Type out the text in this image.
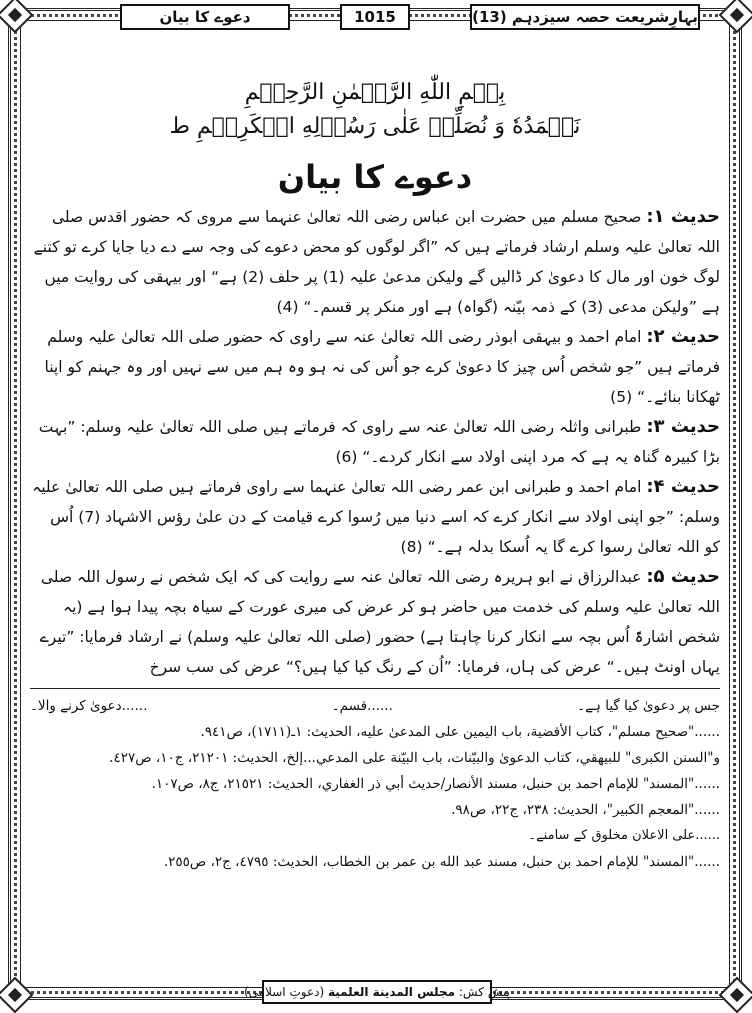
دعوے کا بیان	1015	بہارِشریعت حصہ سیزدہم (13)
بِسۡمِ اللّٰهِ الرَّحۡمٰنِ الرَّحِيۡمِ
نَحۡمَدُهٗ وَ نُصَلِّىۡ عَلٰى رَسُوۡلِهِ الۡكَرِيۡمِ ط
دعوے کا بیان

حدیث ۱: صحیح مسلم میں حضرت ابن عباس رضی اللہ تعالیٰ عنہما سے مروی کہ حضور اقدس صلی اللہ تعالیٰ علیہ وسلم ارشاد فرماتے ہیں کہ ”اگر لوگوں کو محض دعوے کی وجہ سے دے دیا جایا کرے تو کتنے لوگ خون اور مال کا دعویٰ کر ڈالیں گے ولیکن مدعیٰ علیہ (1) پر حلف (2) ہے“ اور بیہقی کی روایت میں ہے ”ولیکن مدعی (3) کے ذمہ بیّنہ (گواہ) ہے اور منکر پر قسم۔“ (4)

حدیث ۲: امام احمد و بیہقی ابوذر رضی اللہ تعالیٰ عنہ سے راوی کہ حضور صلی اللہ تعالیٰ علیہ وسلم فرماتے ہیں ”جو شخص اُس چیز کا دعویٰ کرے جو اُس کی نہ ہو وہ ہم میں سے نہیں اور وہ جہنم کو اپنا ٹھکانا بنائے۔“ (5)

حدیث ۳: طبرانی واثلہ رضی اللہ تعالیٰ عنہ سے راوی کہ فرماتے ہیں صلی اللہ تعالیٰ علیہ وسلم: ”بہت بڑا کبیرہ گناہ یہ ہے کہ مرد اپنی اولاد سے انکار کردے۔“ (6)

حدیث ۴: امام احمد و طبرانی ابن عمر رضی اللہ تعالیٰ عنہما سے راوی فرماتے ہیں صلی اللہ تعالیٰ علیہ وسلم: ”جو اپنی اولاد سے انکار کرے کہ اسے دنیا میں رُسوا کرے قیامت کے دن علیٰ رؤس الاشہاد (7) اُس کو اللہ تعالیٰ رسوا کرے گا یہ اُسکا بدلہ ہے۔“ (8)

حدیث ۵: عبدالرزاق نے ابو ہریرہ رضی اللہ تعالیٰ عنہ سے روایت کی کہ ایک شخص نے رسول اللہ صلی اللہ تعالیٰ علیہ وسلم کی خدمت میں حاضر ہو کر عرض کی میری عورت کے سیاہ بچہ پیدا ہوا ہے (یہ شخص اشارۃً اُس بچہ سے انکار کرنا چاہتا ہے) حضور (صلی اللہ تعالیٰ علیہ وسلم) نے ارشاد فرمایا: ”تیرے یہاں اونٹ ہیں۔“ عرض کی ہاں، فرمایا: ”اُن کے رنگ کیا کیا ہیں؟“ عرض کی سب سرخ

جس پر دعویٰ کیا گیا ہے۔
......قسم۔
......دعویٰ کرنے والا۔
......"صحيح مسلم"، كتاب الأقضية، باب اليمين على المدعىٰ عليه، الحديث: ١ـ(١٧١١)، ص٩٤١.
و"السنن الكبرى" للبيهقي، كتاب الدعوىٰ والبيّنات، باب البيّنة على المدعي...إلخ، الحديث: ٢١٢٠١، ج١٠، ص٤٢٧.
......"المسند" للإمام احمد بن حنبل، مسند الأنصار/حديث أبي ذر الغفاري، الحديث: ٢١٥٢١، ج٨، ص١٠٧.
......"المعجم الكبير"، الحديث: ٢٣٨، ج٢٢، ص٩٨.
......علی الاعلان مخلوق کے سامنے۔
......"المسند" للإمام احمد بن حنبل، مسند عبد الله بن عمر بن الخطاب، الحديث: ٤٧٩٥، ج٢، ص٢٥٥.
پیش کش:

مجلس المدينة العلمية

(دعوتِ اسلامی)
